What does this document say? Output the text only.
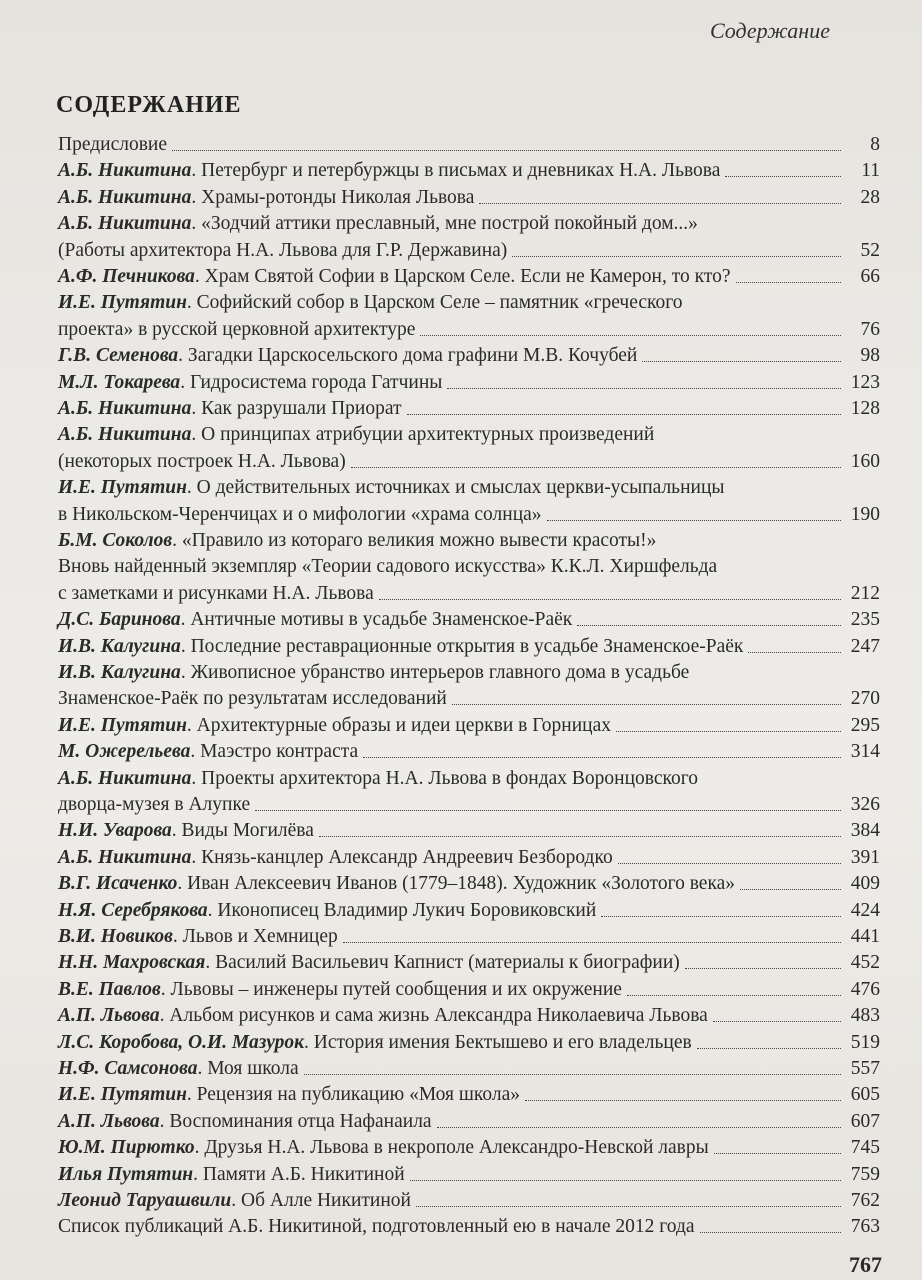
Содержание
СОДЕРЖАНИЕ
Предисловие	8
А.Б. Никитина. Петербург и петербуржцы в письмах и дневниках Н.А. Львова	11
А.Б. Никитина. Храмы-ротонды Николая Львова	28
А.Б. Никитина. «Зодчий аттики преславный, мне построй покойный дом...»
(Работы архитектора Н.А. Львова для Г.Р. Державина)	52
А.Ф. Печникова. Храм Святой Софии в Царском Селе. Если не Камерон, то кто?	66
И.Е. Путятин. Софийский собор в Царском Селе – памятник «греческого
проекта» в русской церковной архитектуре	76
Г.В. Семенова. Загадки Царскосельского дома графини М.В. Кочубей	98
М.Л. Токарева. Гидросистема города Гатчины	123
А.Б. Никитина. Как разрушали Приорат	128
А.Б. Никитина. О принципах атрибуции архитектурных произведений
(некоторых построек Н.А. Львова)	160
И.Е. Путятин. О действительных источниках и смыслах церкви-усыпальницы
в Никольском-Черенчицах и о мифологии «храма солнца»	190
Б.М. Соколов. «Правило из котораго великия можно вывести красоты!»
Вновь найденный экземпляр «Теории садового искусства» К.К.Л. Хиршфельда
с заметками и рисунками Н.А. Львова	212
Д.С. Баринова. Античные мотивы в усадьбе Знаменское-Раёк	235
И.В. Калугина. Последние реставрационные открытия в усадьбе Знаменское-Раёк	247
И.В. Калугина. Живописное убранство интерьеров главного дома в усадьбе
Знаменское-Раёк по результатам исследований	270
И.Е. Путятин. Архитектурные образы и идеи церкви в Горницах	295
М. Ожерельева. Маэстро контраста	314
А.Б. Никитина. Проекты архитектора Н.А. Львова в фондах Воронцовского
дворца-музея в Алупке	326
Н.И. Уварова. Виды Могилёва	384
А.Б. Никитина. Князь-канцлер Александр Андреевич Безбородко	391
В.Г. Исаченко. Иван Алексеевич Иванов (1779–1848). Художник «Золотого века»	409
Н.Я. Серебрякова. Иконописец Владимир Лукич Боровиковский	424
В.И. Новиков. Львов и Хемницер	441
Н.Н. Махровская. Василий Васильевич Капнист (материалы к биографии)	452
В.Е. Павлов. Львовы – инженеры путей сообщения и их окружение	476
А.П. Львова. Альбом рисунков и сама жизнь Александра Николаевича Львова	483
Л.С. Коробова, О.И. Мазурок. История имения Бектышево и его владельцев	519
Н.Ф. Самсонова. Моя школа	557
И.Е. Путятин. Рецензия на публикацию «Моя школа»	605
А.П. Львова. Воспоминания отца Нафанаила	607
Ю.М. Пирютко. Друзья Н.А. Львова в некрополе Александро-Невской лавры	745
Илья Путятин. Памяти А.Б. Никитиной	759
Леонид Таруашвили. Об Алле Никитиной	762
Список публикаций А.Б. Никитиной, подготовленный ею в начале 2012 года	763
767
